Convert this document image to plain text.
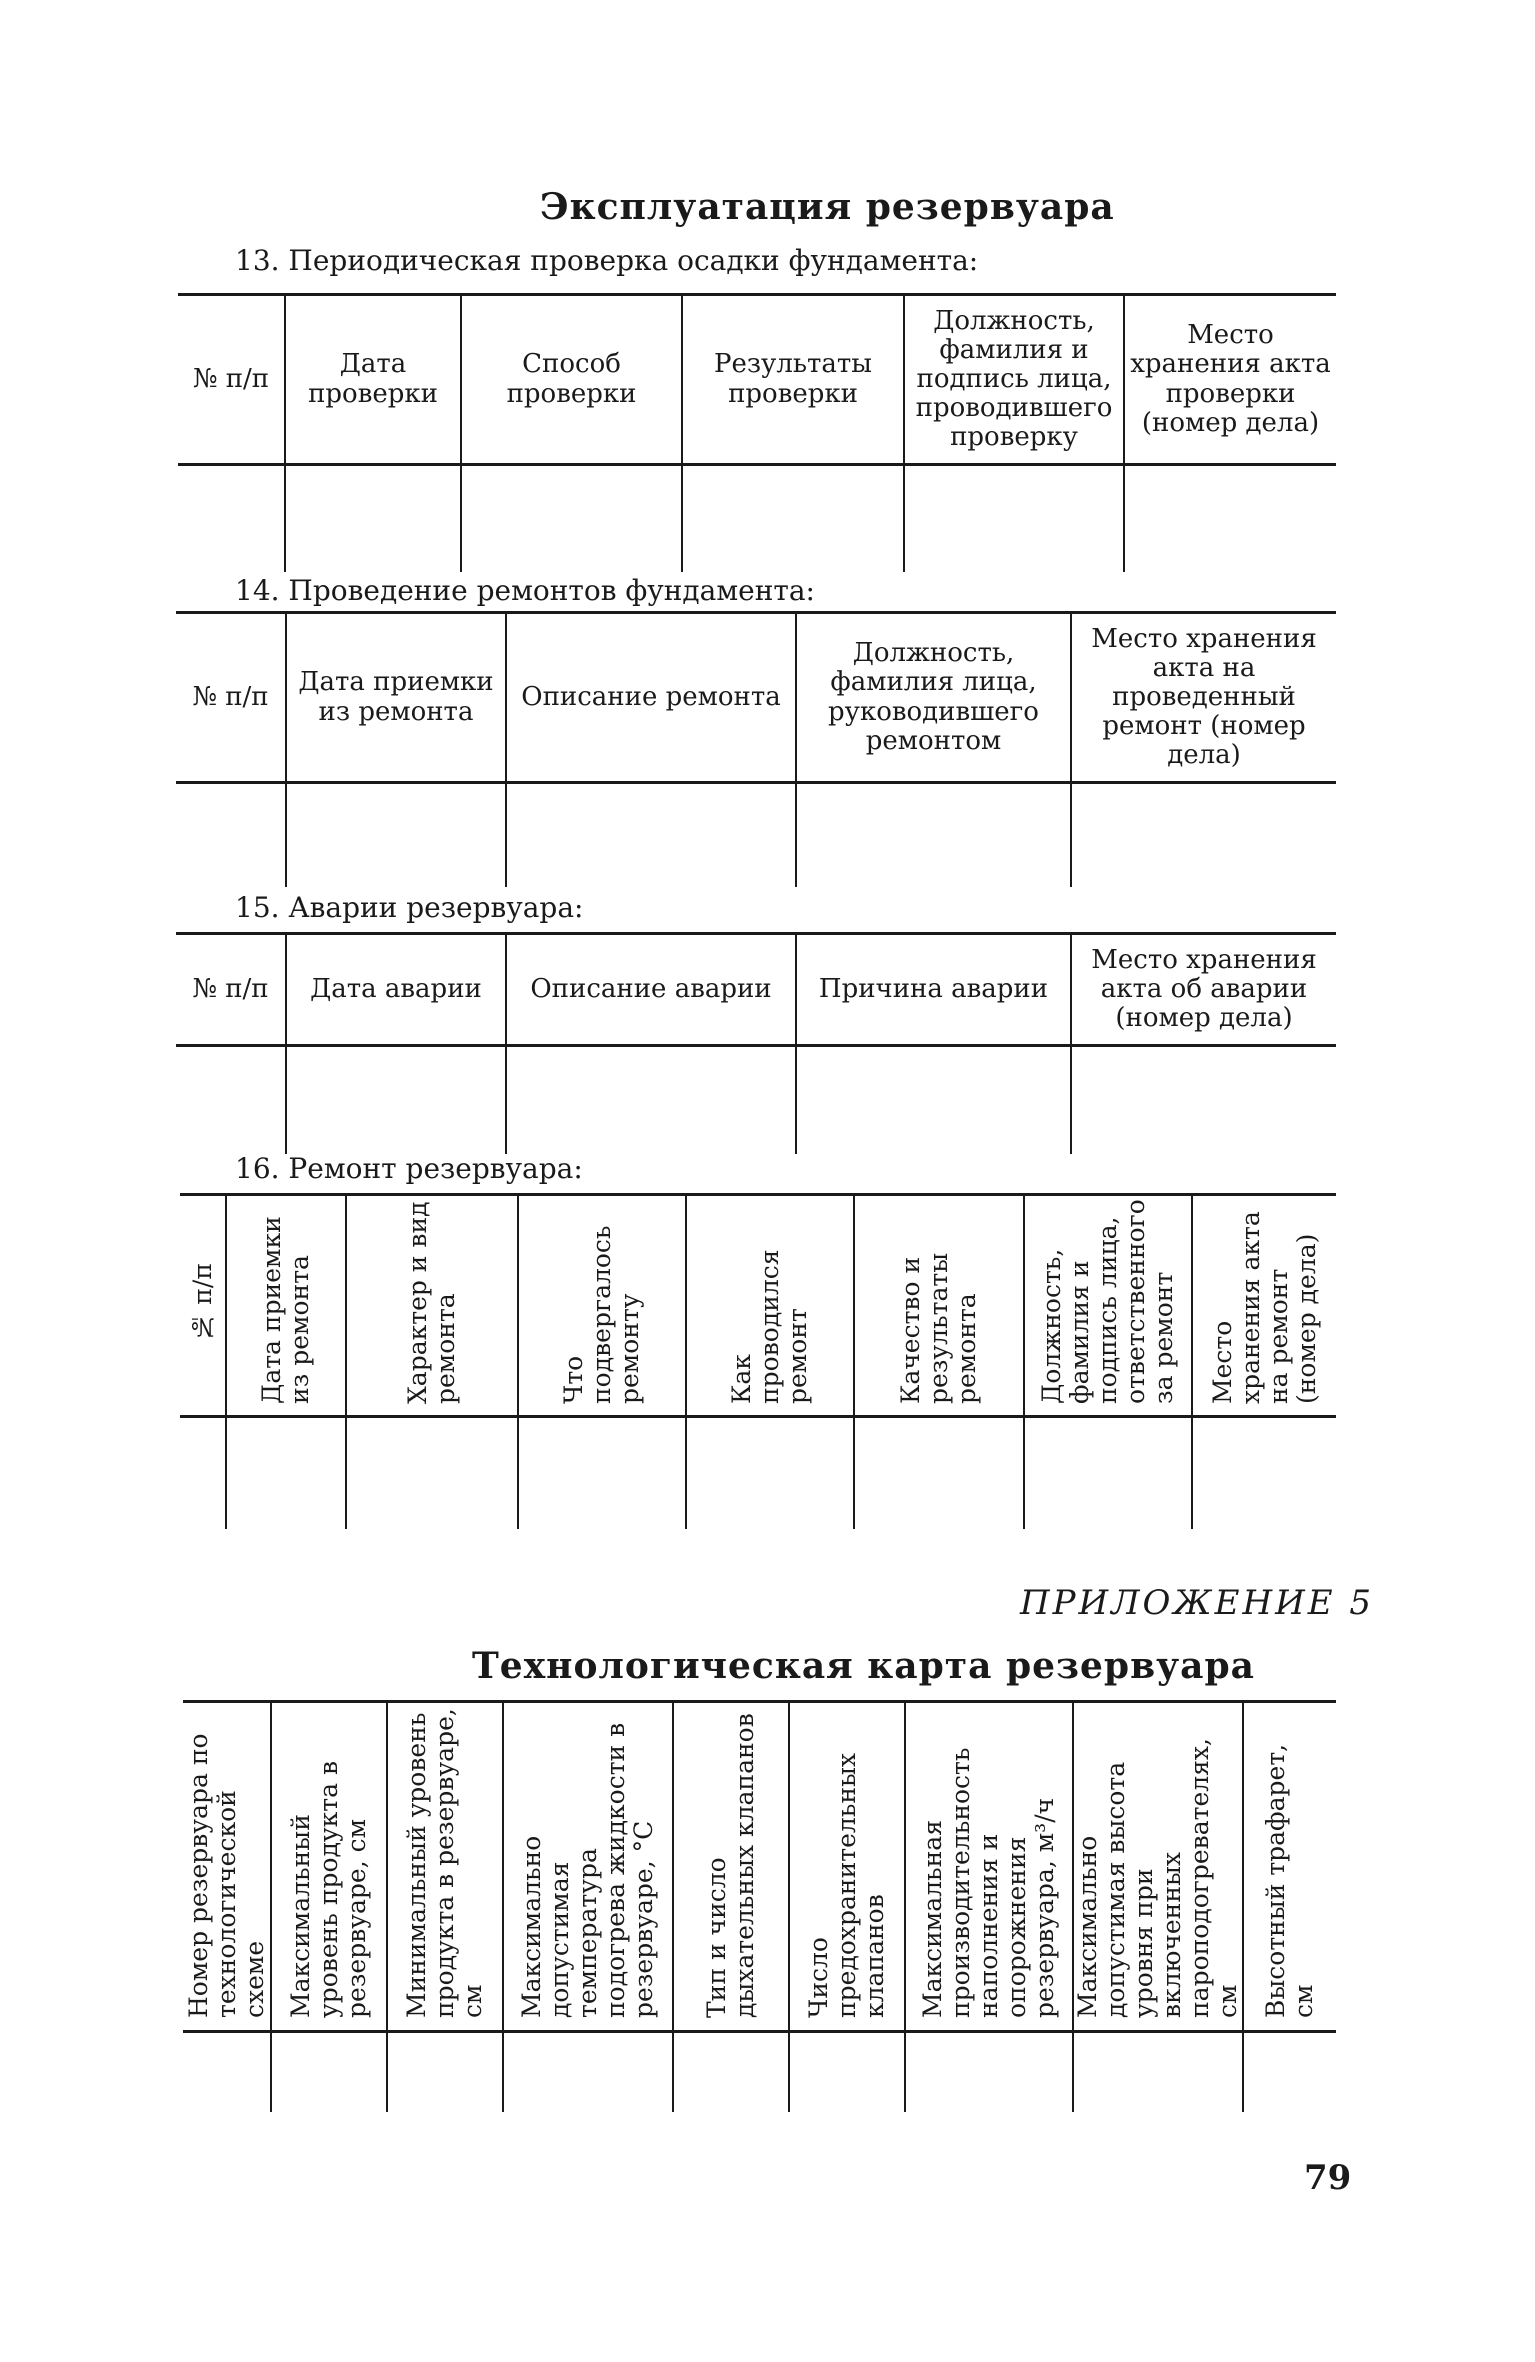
Эксплуатация резервуара
13. Периодическая проверка осадки фундамента:
№ п/п	Дата проверки	Способ проверки	Результаты проверки	Должность, фамилия и подпись лица, проводившего проверку	Место хранения акта проверки (номер дела)

14. Проведение ремонтов фундамента:
№ п/п	Дата приемки из ремонта	Описание ремонта	Должность, фамилия лица, руководившего ремонтом	Место хранения акта на проведенный ремонт (номер дела)

15. Аварии резервуара:
№ п/п	Дата аварии	Описание аварии	Причина аварии	Место хранения акта об аварии (номер дела)

16. Ремонт резервуара:
№ п/п	Дата приемки из ремонта	Характер и вид ремонта	Что подвергалось ремонту	Как проводился ремонт	Качество и результаты ремонта	Должность, фамилия и подпись лица, ответственного за ремонт	Место хранения акта на ремонт (номер дела)

ПРИЛОЖЕНИЕ 5
Технологическая карта резервуара
Номер резервуара по технологической схеме	Максимальный уровень продукта в резервуаре, см	Минимальный уровень продукта в резервуаре, см	Максимально допустимая температура подогрева жидкости в резервуаре, °C	Тип и число дыхательных клапанов	Число предохранительных клапанов	Максимальная производительность наполнения и опорожнения резервуара, м³/ч	Максимально допустимая высота уровня при включенных пароподогревателях, см	Высотный трафарет, см

79
